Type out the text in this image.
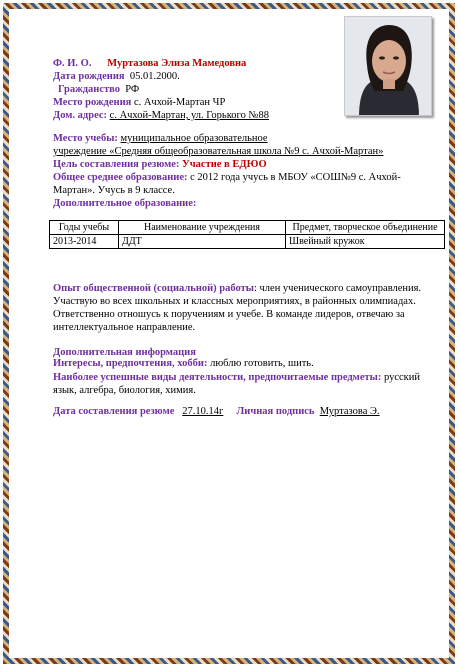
Ф. И. О. Муртазова Элиза Мамедовна
Дата рождения 05.01.2000.
Гражданство РФ
Место рождения с. Ачхой-Мартан ЧР
Дом. адрес: с. Ачхой-Мартан, ул. Горького №88
Место учебы: муниципальное образовательное
учреждение «Средняя общеобразовательная школа №9 с. Ачхой-Мартан»
Цель составления резюме: Участие в ЕДЮО
Общее среднее образование: с 2012 года учусь в МБОУ «СОШ№9 с. Ачхой-
Мартан». Учусь в 9 классе.
Дополнительное образование:
Годы учебы	Наименование учреждения	Предмет, творческое объединение
2013-2014	ДДТ	Швейный кружок
Опыт общественной (социальной) работы: член ученического самоуправления. Участвую во всех школьных и классных мероприятиях, в районных олимпиадах. Ответственно отношусь к поручениям и учебе. В команде лидеров, отвечаю за интеллектуальное направление.
Дополнительная информация
Интересы, предпочтения, хобби: люблю готовить, шить.
Наиболее успешные виды деятельности, предпочитаемые предметы: русский язык, алгебра, биология, химия.
Дата составления резюме 27.10.14г Личная подпись Муртазова Э.
